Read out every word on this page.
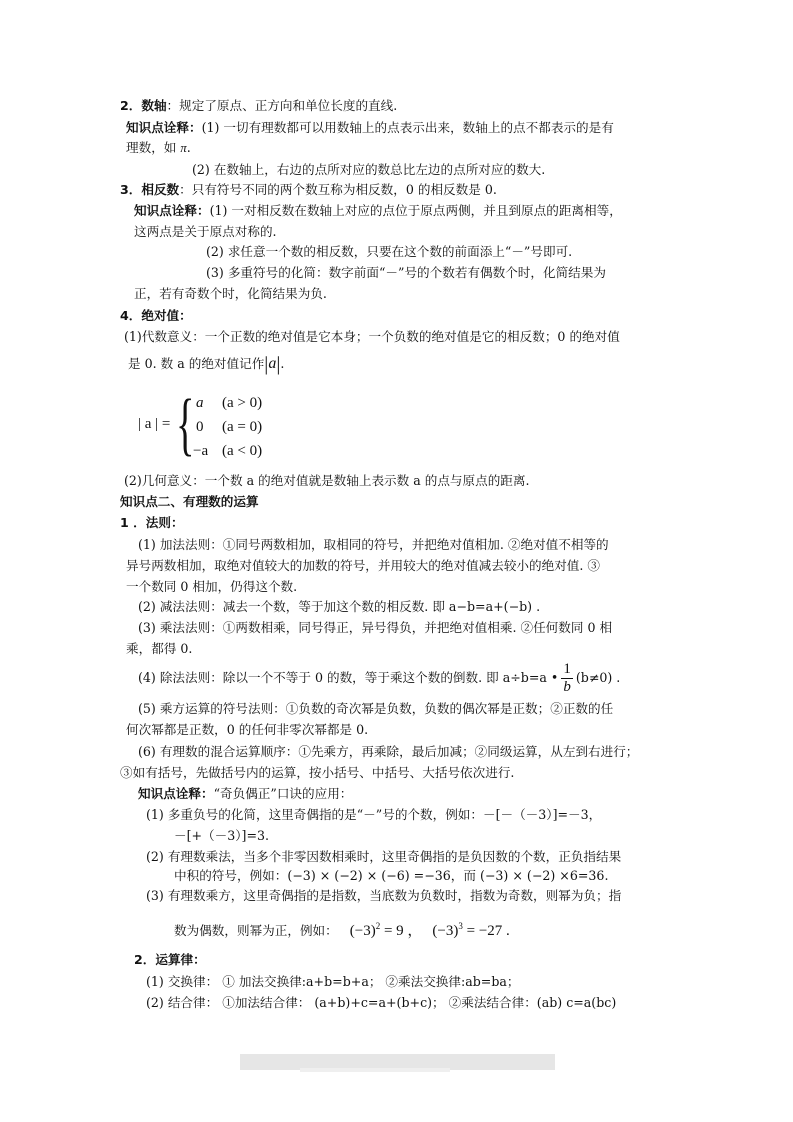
2．数轴：规定了原点、正方向和单位长度的直线.
知识点诠释：(1) 一切有理数都可以用数轴上的点表示出来，数轴上的点不都表示的是有
理数，如 π.
(2) 在数轴上，右边的点所对应的数总比左边的点所对应的数大.
3．相反数：只有符号不同的两个数互称为相反数，0 的相反数是 0.
知识点诠释：(1) 一对相反数在数轴上对应的点位于原点两侧，并且到原点的距离相等，
这两点是关于原点对称的.
(2) 求任意一个数的相反数，只要在这个数的前面添上“－”号即可.
(3) 多重符号的化简：数字前面“－”号的个数若有偶数个时，化简结果为
正，若有奇数个时，化简结果为负.
4．绝对值：
(1)代数意义：一个正数的绝对值是它本身；一个负数的绝对值是它的相反数；0 的绝对值
是 0. 数 a 的绝对值记作|a|.
| a | = { a (a > 0)
0 (a = 0)
−a (a < 0)
(2)几何意义：一个数 a 的绝对值就是数轴上表示数 a 的点与原点的距离.
知识点二、有理数的运算
1 ．法则：
(1) 加法法则：①同号两数相加，取相同的符号，并把绝对值相加. ②绝对值不相等的
异号两数相加，取绝对值较大的加数的符号，并用较大的绝对值减去较小的绝对值. ③
一个数同 0 相加，仍得这个数.
(2) 减法法则：减去一个数，等于加这个数的相反数. 即 a−b=a+(−b) .
(3) 乘法法则：①两数相乘，同号得正，异号得负，并把绝对值相乘. ②任何数同 0 相
乘，都得 0.
(4) 除法法则：除以一个不等于 0 的数，等于乘这个数的倒数. 即 a÷b=a • $\frac{1}{b} (b\ne 0)$ .
(5) 乘方运算的符号法则：①负数的奇次幂是负数，负数的偶次幂是正数；②正数的任
何次幂都是正数，0 的任何非零次幂都是 0.
(6) 有理数的混合运算顺序：①先乘方，再乘除，最后加减；②同级运算，从左到右进行；
③如有括号，先做括号内的运算，按小括号、中括号、大括号依次进行.
知识点诠释：“奇负偶正”口诀的应用：
(1) 多重负号的化简，这里奇偶指的是“－”号的个数，例如：－[－（－3）]=－3，
－[+（－3）]=3.
(2) 有理数乘法，当多个非零因数相乘时，这里奇偶指的是负因数的个数，正负指结果
中积的符号，例如：(−3) × (−2) × (−6) =−36，而 (−3) × (−2) ×6=36.
(3) 有理数乘方，这里奇偶指的是指数，当底数为负数时，指数为奇数，则幂为负；指
数为偶数，则幂为正，例如： $(-3)^2 = 9$ ， $(-3)^3 = -27$ .
2．运算律：
(1) 交换律： ① 加法交换律:a+b=b+a； ②乘法交换律:ab=ba；
(2) 结合律： ①加法结合律： (a+b)+c=a+(b+c)； ②乘法结合律：(ab) c=a(bc)
